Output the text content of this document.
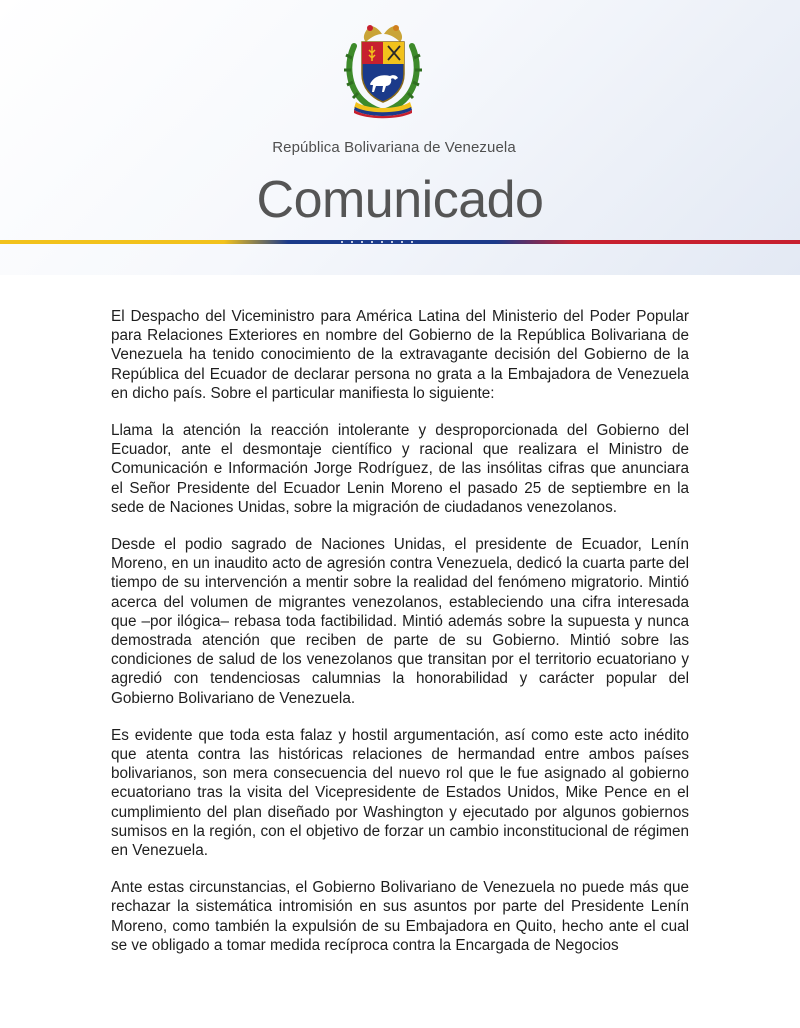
República Bolivariana de Venezuela
Comunicado

El Despacho del Viceministro para América Latina del Ministerio del Poder Popular para Relaciones Exteriores en nombre del Gobierno de la República Bolivariana de Venezuela ha tenido conocimiento de la extravagante decisión del Gobierno de la República del Ecuador de declarar persona no grata a la Embajadora de Venezuela en dicho país. Sobre el particular manifiesta lo siguiente:

Llama la atención la reacción intolerante y desproporcionada del Gobierno del Ecuador, ante el desmontaje científico y racional que realizara el Ministro de Comunicación e Información Jorge Rodríguez, de las insólitas cifras que anunciara el Señor Presidente del Ecuador Lenin Moreno el pasado 25 de septiembre en la sede de Naciones Unidas, sobre la migración de ciudadanos venezolanos.

Desde el podio sagrado de Naciones Unidas, el presidente de Ecuador, Lenín Moreno, en un inaudito acto de agresión contra Venezuela, dedicó la cuarta parte del tiempo de su intervención a mentir sobre la realidad del fenómeno migratorio. Mintió acerca del volumen de migrantes venezolanos, estableciendo una cifra interesada que –por ilógica– rebasa toda factibilidad. Mintió además sobre la supuesta y nunca demostrada atención que reciben de parte de su Gobierno. Mintió sobre las condiciones de salud de los venezolanos que transitan por el territorio ecuatoriano y agredió con tendenciosas calumnias la honorabilidad y carácter popular del Gobierno Bolivariano de Venezuela.

Es evidente que toda esta falaz y hostil argumentación, así como este acto inédito que atenta contra las históricas relaciones de hermandad entre ambos países bolivarianos, son mera consecuencia del nuevo rol que le fue asignado al gobierno ecuatoriano tras la visita del Vicepresidente de Estados Unidos, Mike Pence en el cumplimiento del plan diseñado por Washington y ejecutado por algunos gobiernos sumisos en la región, con el objetivo de forzar un cambio inconstitucional de régimen en Venezuela.

Ante estas circunstancias, el Gobierno Bolivariano de Venezuela no puede más que rechazar la sistemática intromisión en sus asuntos por parte del Presidente Lenín Moreno, como también la expulsión de su Embajadora en Quito, hecho ante el cual se ve obligado a tomar medida recíproca contra la Encargada de Negocios
